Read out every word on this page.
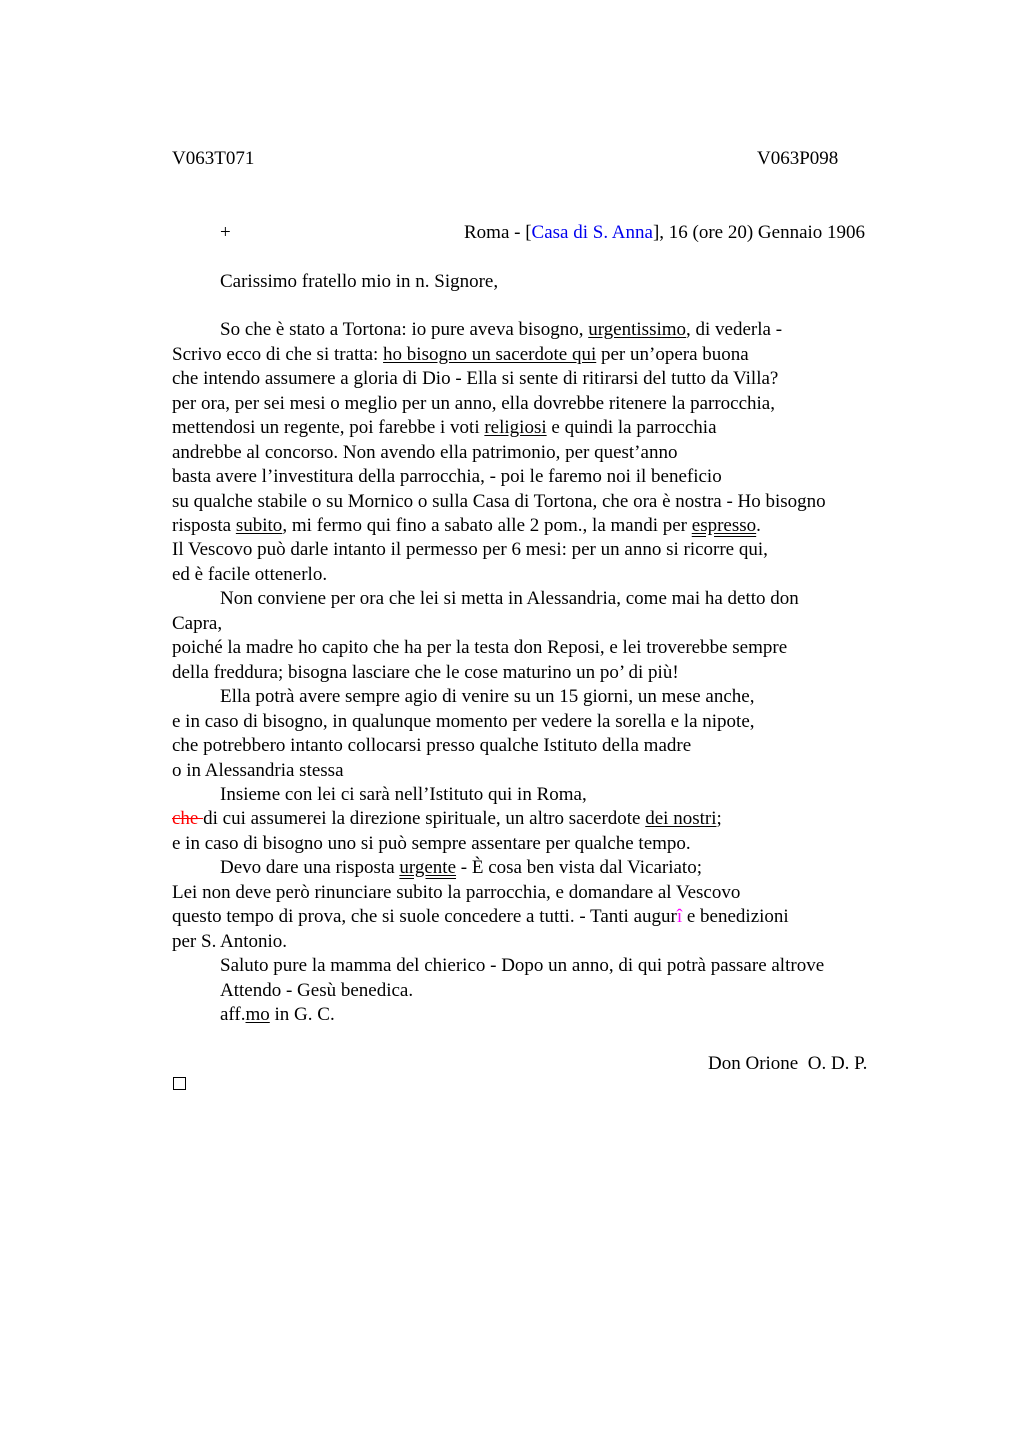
V063T071	V063P098
+	Roma - [Casa di S. Anna], 16 (ore 20) Gennaio 1906
Carissimo fratello mio in n. Signore,
So che è stato a Tortona: io pure aveva bisogno, urgentissimo, di vederla -
Scrivo ecco di che si tratta: ho bisogno un sacerdote qui per un’opera buona
che intendo assumere a gloria di Dio - Ella si sente di ritirarsi del tutto da Villa?
per ora, per sei mesi o meglio per un anno, ella dovrebbe ritenere la parrocchia,
mettendosi un regente, poi farebbe i voti religiosi e quindi la parrocchia
andrebbe al concorso. Non avendo ella patrimonio, per quest’anno
basta avere l’investitura della parrocchia, - poi le faremo noi il beneficio
su qualche stabile o su Mornico o sulla Casa di Tortona, che ora è nostra - Ho bisogno
risposta subito, mi fermo qui fino a sabato alle 2 pom., la mandi per espresso.
Il Vescovo può darle intanto il permesso per 6 mesi: per un anno si ricorre qui,
ed è facile ottenerlo.
Non conviene per ora che lei si metta in Alessandria, come mai ha detto don
Capra,
poiché la madre ho capito che ha per la testa don Reposi, e lei troverebbe sempre
della freddura; bisogna lasciare che le cose maturino un po’ di più!
Ella potrà avere sempre agio di venire su un 15 giorni, un mese anche,
e in caso di bisogno, in qualunque momento per vedere la sorella e la nipote,
che potrebbero intanto collocarsi presso qualche Istituto della madre
o in Alessandria stessa
Insieme con lei ci sarà nell’Istituto qui in Roma,
che di cui assumerei la direzione spirituale, un altro sacerdote dei nostri;
e in caso di bisogno uno si può sempre assentare per qualche tempo.
Devo dare una risposta urgente - È cosa ben vista dal Vicariato;
Lei non deve però rinunciare subito la parrocchia, e domandare al Vescovo
questo tempo di prova, che si suole concedere a tutti. - Tanti augurî e benedizioni
per S. Antonio.
Saluto pure la mamma del chierico - Dopo un anno, di qui potrà passare altrove
Attendo - Gesù benedica.
aff.mo in G. C.
Don Orione  O. D. P.
